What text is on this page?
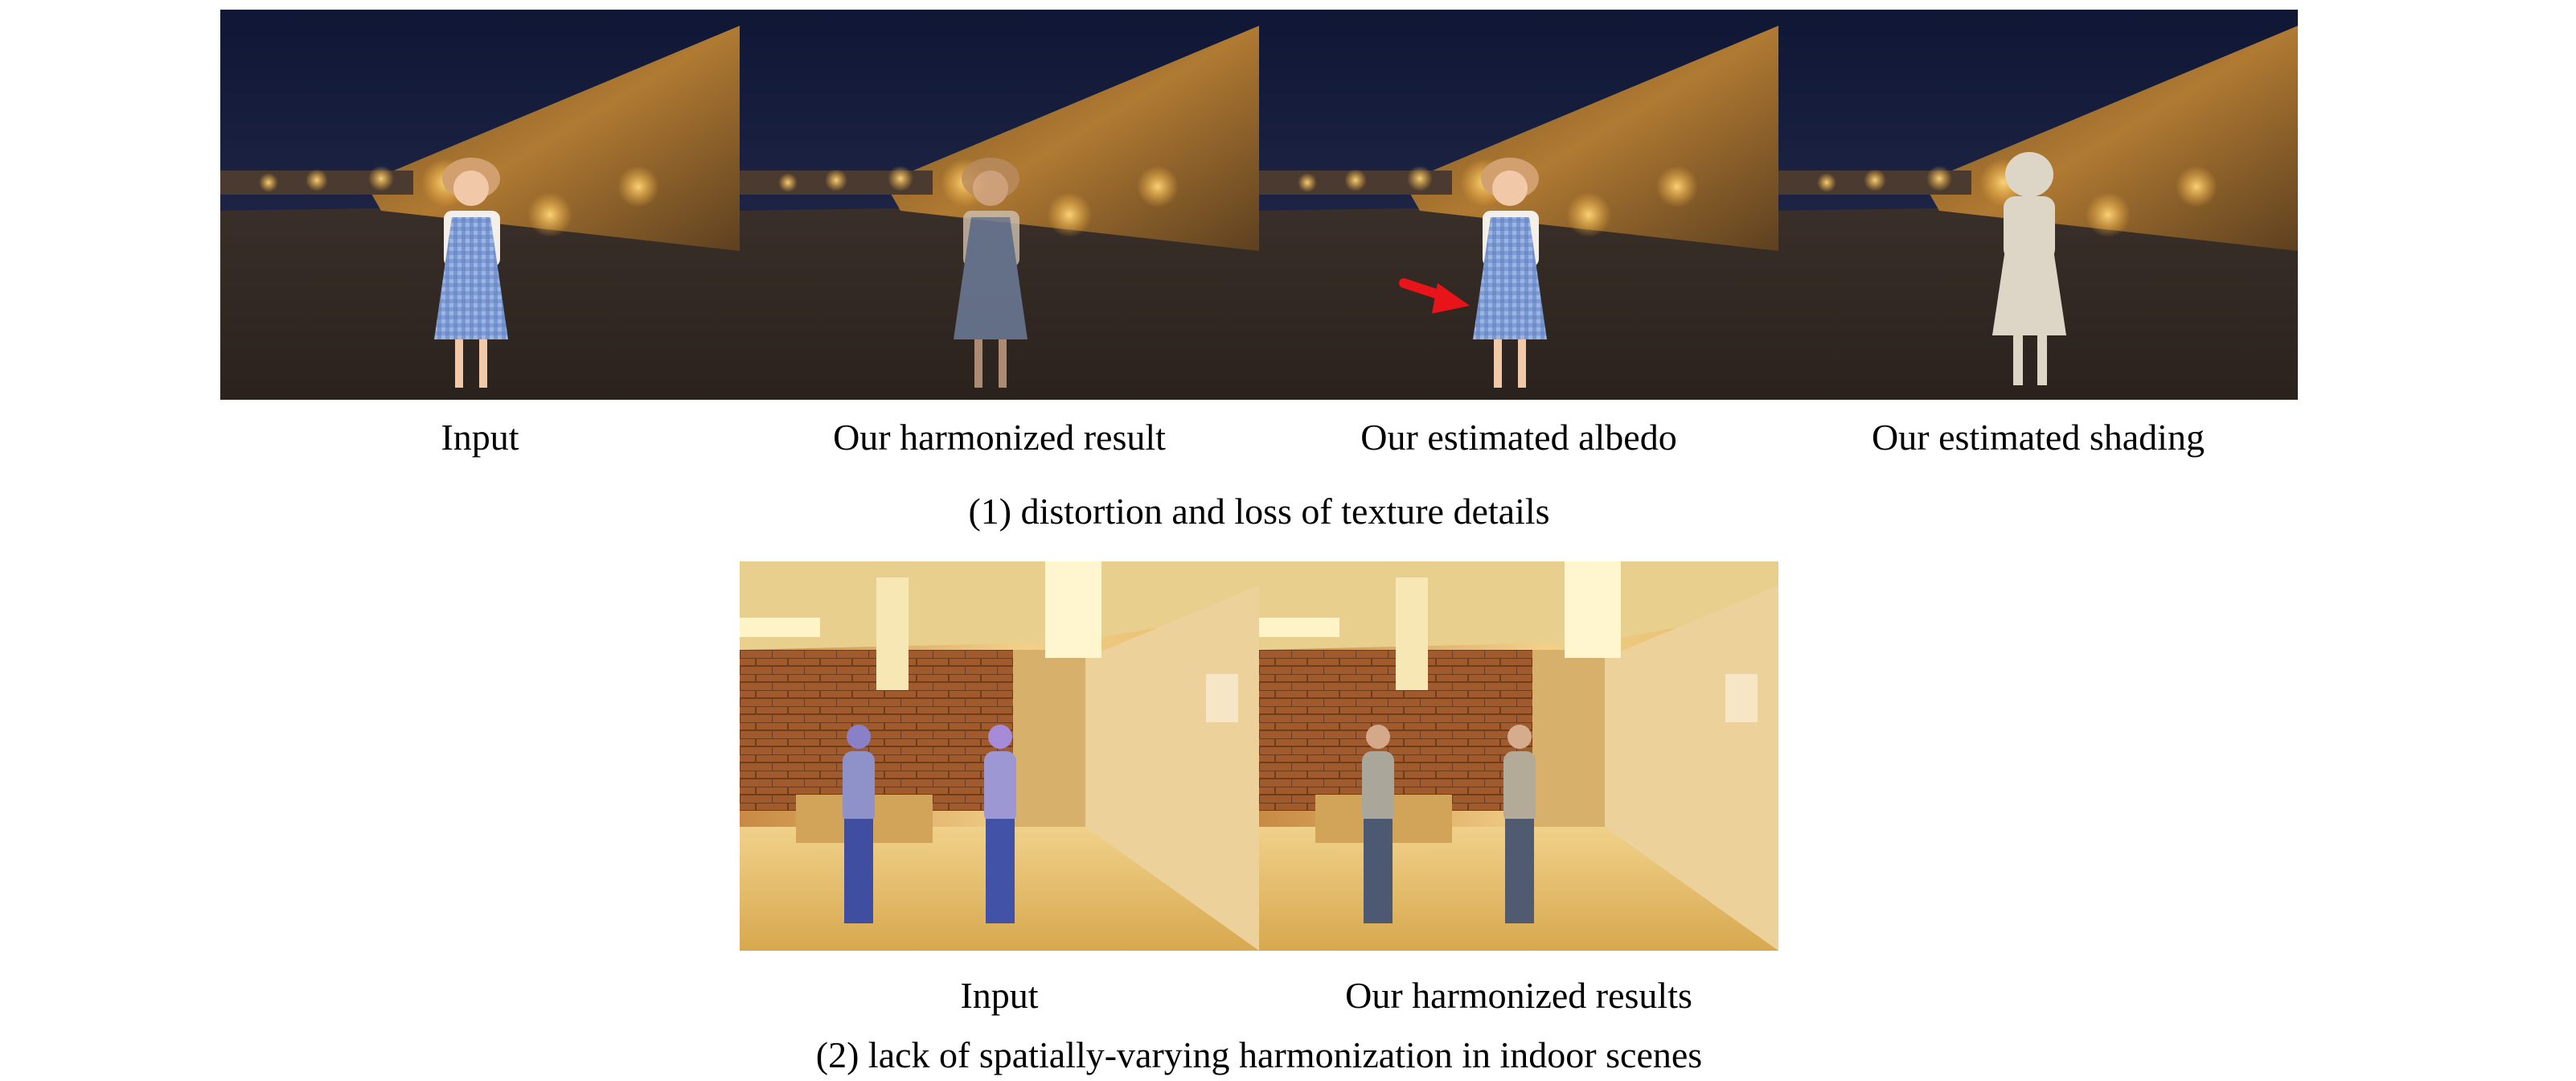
Input	Our harmonized result	Our estimated albedo	Our estimated shading
(1) distortion and loss of texture details
Input	Our harmonized results
(2) lack of spatially-varying harmonization in indoor scenes
